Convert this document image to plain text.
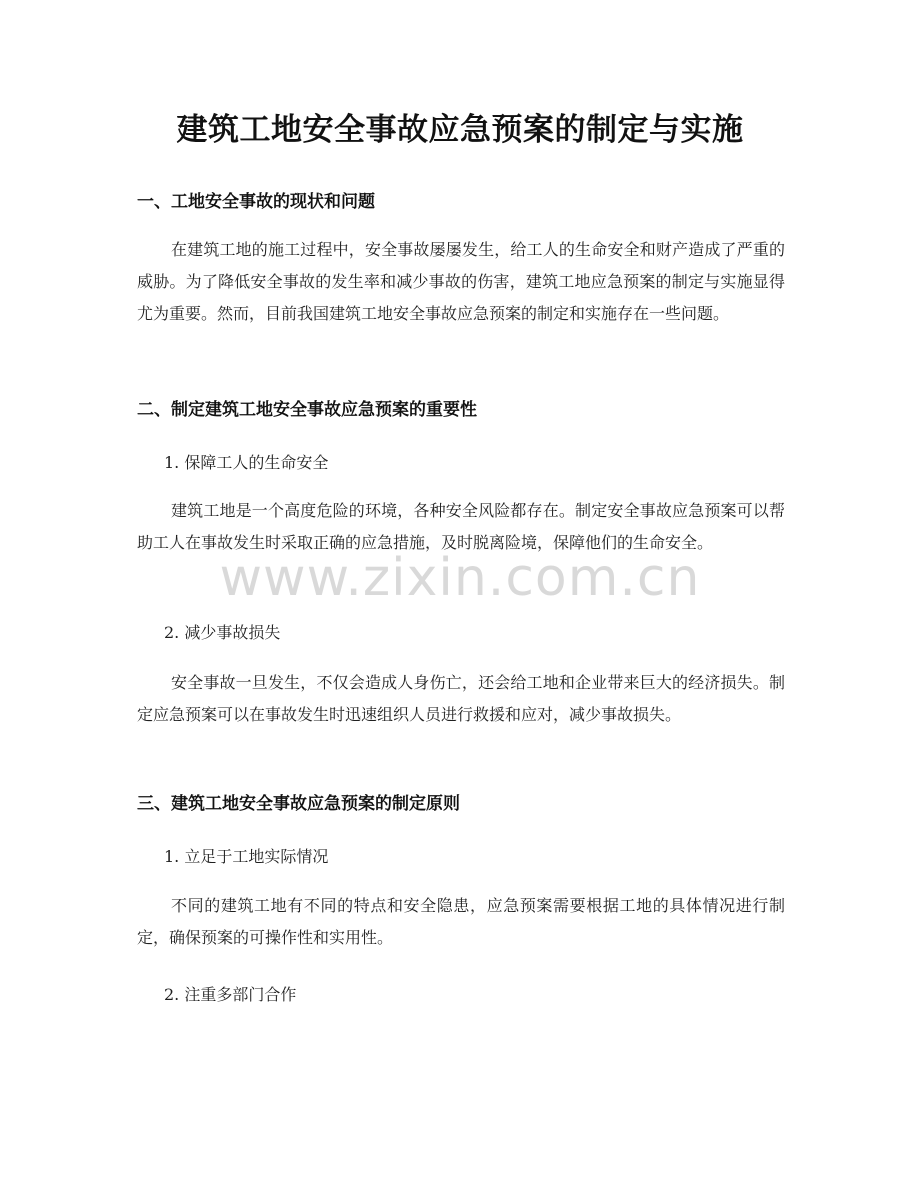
建筑工地安全事故应急预案的制定与实施
一、工地安全事故的现状和问题
在建筑工地的施工过程中，安全事故屡屡发生，给工人的生命安全和财产造成了严重的威胁。为了降低安全事故的发生率和减少事故的伤害，建筑工地应急预案的制定与实施显得尤为重要。然而，目前我国建筑工地安全事故应急预案的制定和实施存在一些问题。
二、制定建筑工地安全事故应急预案的重要性
1. 保障工人的生命安全
建筑工地是一个高度危险的环境，各种安全风险都存在。制定安全事故应急预案可以帮助工人在事故发生时采取正确的应急措施，及时脱离险境，保障他们的生命安全。
2. 减少事故损失
安全事故一旦发生，不仅会造成人身伤亡，还会给工地和企业带来巨大的经济损失。制定应急预案可以在事故发生时迅速组织人员进行救援和应对，减少事故损失。
三、建筑工地安全事故应急预案的制定原则
1. 立足于工地实际情况
不同的建筑工地有不同的特点和安全隐患，应急预案需要根据工地的具体情况进行制定，确保预案的可操作性和实用性。
2. 注重多部门合作
www.zixin.com.cn
